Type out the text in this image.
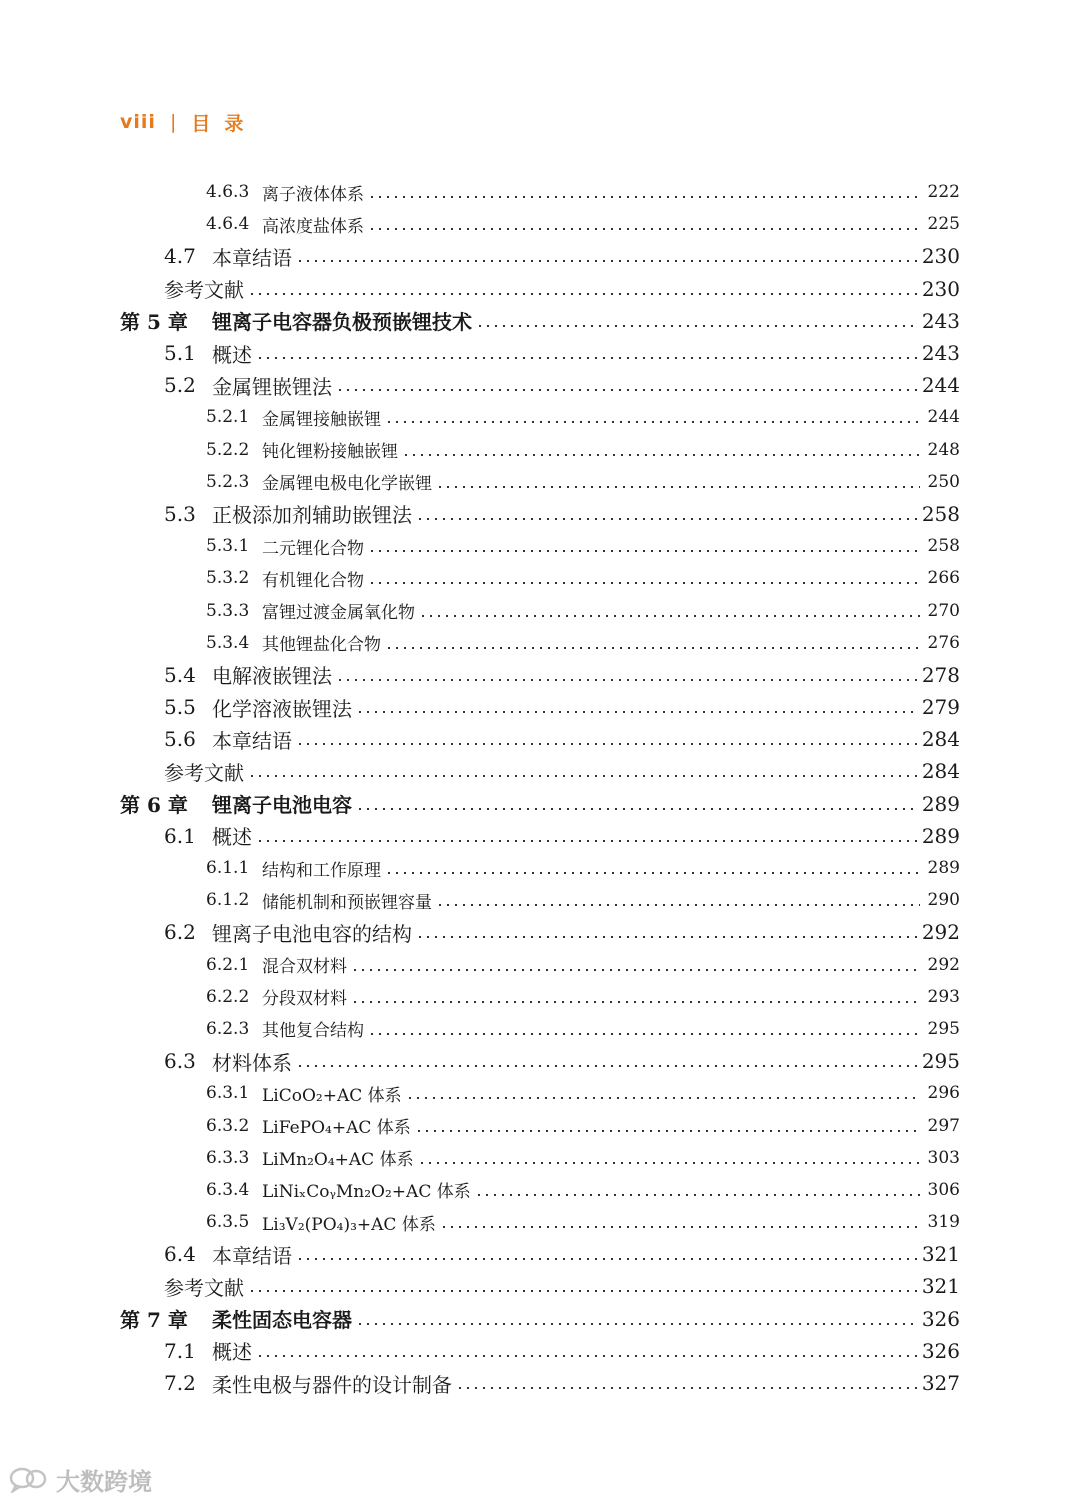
viii | 目录
4.6.3 离子液体体系	222
4.6.4 高浓度盐体系	225
4.7 本章结语	230
参考文献	230
第 5 章	锂离子电容器负极预嵌锂技术	243
5.1 概述	243
5.2 金属锂嵌锂法	244
5.2.1 金属锂接触嵌锂	244
5.2.2 钝化锂粉接触嵌锂	248
5.2.3 金属锂电极电化学嵌锂	250
5.3 正极添加剂辅助嵌锂法	258
5.3.1 二元锂化合物	258
5.3.2 有机锂化合物	266
5.3.3 富锂过渡金属氧化物	270
5.3.4 其他锂盐化合物	276
5.4 电解液嵌锂法	278
5.5 化学溶液嵌锂法	279
5.6 本章结语	284
参考文献	284
第 6 章	锂离子电池电容	289
6.1 概述	289
6.1.1 结构和工作原理	289
6.1.2 储能机制和预嵌锂容量	290
6.2 锂离子电池电容的结构	292
6.2.1 混合双材料	292
6.2.2 分段双材料	293
6.2.3 其他复合结构	295
6.3 材料体系	295
6.3.1 LiCoO₂+AC 体系	296
6.3.2 LiFePO₄+AC 体系	297
6.3.3 LiMn₂O₄+AC 体系	303
6.3.4 LiNiₓCoᵧMn₂O₂+AC 体系	306
6.3.5 Li₃V₂(PO₄)₃+AC 体系	319
6.4 本章结语	321
参考文献	321
第 7 章	柔性固态电容器	326
7.1 概述	326
7.2 柔性电极与器件的设计制备	327
大数跨境
